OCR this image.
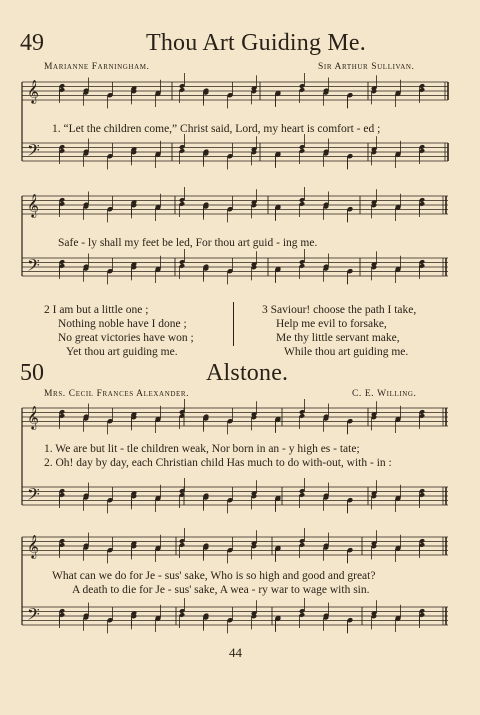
𝄞
𝄢
𝄞
𝄢
𝄞
𝄢
𝄞
𝄢
49	Thou Art Guiding Me.
Marianne Farningham.	Sir Arthur Sullivan.
1. “Let the children come,” Christ said, Lord, my heart is comfort - ed ;
Safe - ly shall my feet be led, For thou art guid - ing me.
2 I am but a little one ;
Nothing noble have I done ;
No great victories have won ;
Yet thou art guiding me.
3 Saviour! choose the path I take,
Help me evil to forsake,
Me thy little servant make,
While thou art guiding me.
50	Alstone.
Mrs. Cecil Frances Alexander.	C. E. Willing.
1. We are but lit - tle children weak, Nor born in an - y high es - tate;
2. Oh! day by day, each Christian child Has much to do with-out, with - in :
What can we do for Je - sus' sake, Who is so high and good and great?
A death to die for Je - sus' sake, A wea - ry war to wage with sin.
44
